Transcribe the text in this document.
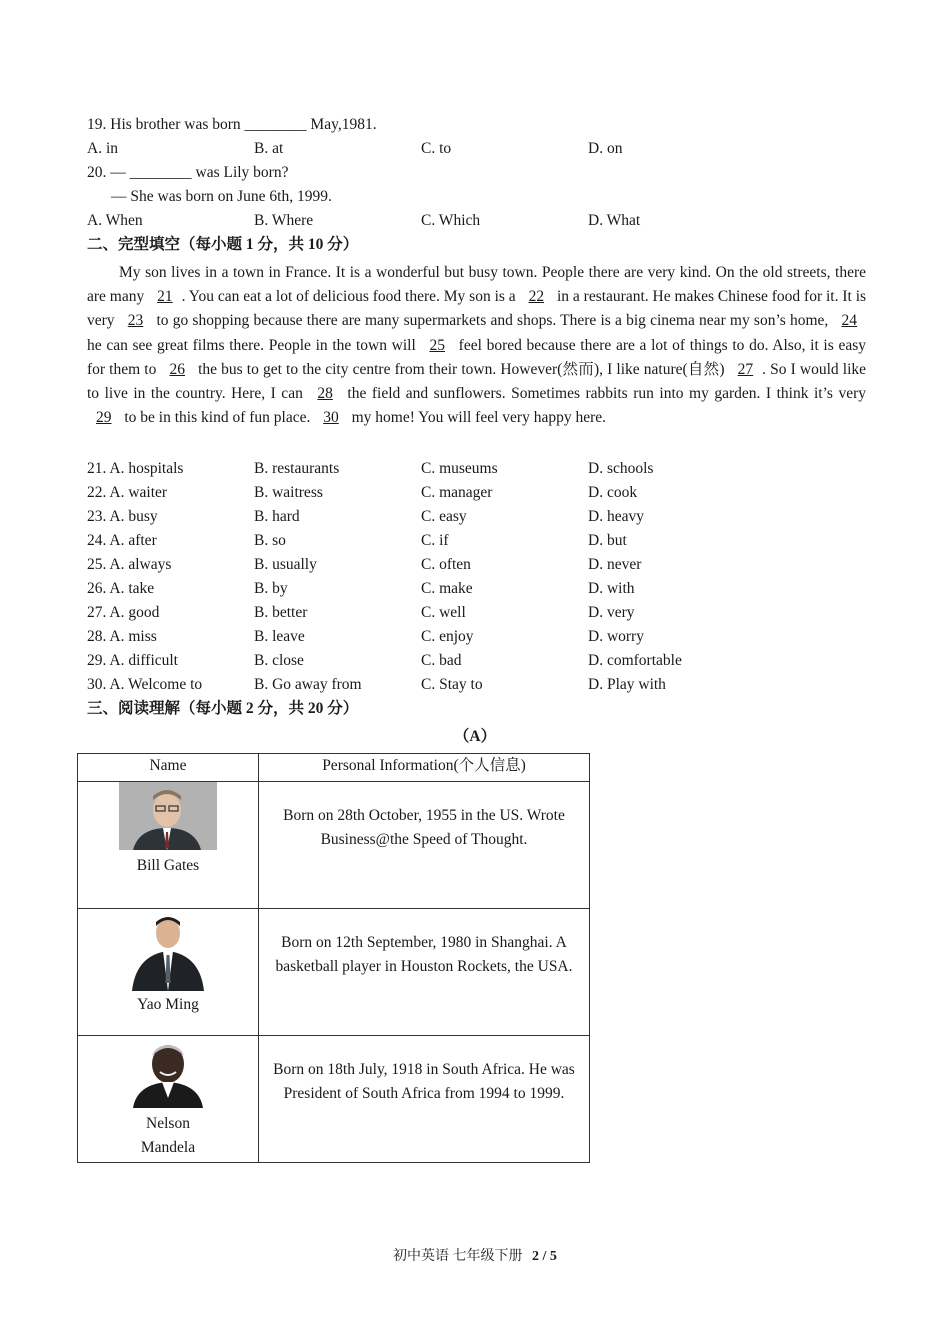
19. His brother was born ________ May,1981.
A. in	B. at	C. to	D. on
20. — ________ was Lily born?
— She was born on June 6th, 1999.
A. When	B. Where	C. Which	D. What
二、完型填空（每小题 1 分，共 10 分）
My son lives in a town in France. It is a wonderful but busy town. People there are very kind. On the old streets, there are many 21 . You can eat a lot of delicious food there. My son is a 22 in a restaurant. He makes Chinese food for it. It is very 23 to go shopping because there are many supermarkets and shops. There is a big cinema near my son’s home, 24 he can see great films there. People in the town will 25 feel bored because there are a lot of things to do. Also, it is easy for them to 26 the bus to get to the city centre from their town. However(然而), I like nature(自然) 27 . So I would like to live in the country. Here, I can 28 the field and sunflowers. Sometimes rabbits run into my garden. I think it’s very 29 to be in this kind of fun place. 30 my home! You will feel very happy here.
21. A. hospitals	B. restaurants	C. museums	D. schools
22. A. waiter	B. waitress	C. manager	D. cook
23. A. busy	B. hard	C. easy	D. heavy
24. A. after	B. so	C. if	D. but
25. A. always	B. usually	C. often	D. never
26. A. take	B. by	C. make	D. with
27. A. good	B. better	C. well	D. very
28. A. miss	B. leave	C. enjoy	D. worry
29. A. difficult	B. close	C. bad	D. comfortable
30. A. Welcome to	B. Go away from	C. Stay to	D. Play with
三、阅读理解（每小题 2 分，共 20 分）
（A）
Name	Personal Information(个人信息)

Bill Gates	Born on 28th October, 1955 in the US. Wrote Business@the Speed of Thought.

Yao Ming	Born on 12th September, 1980 in Shanghai. A basketball player in Houston Rockets, the USA.

Nelson Mandela	Born on 18th July, 1918 in South Africa. He was President of South Africa from 1994 to 1999.
初中英语 七年级下册 2 / 5
